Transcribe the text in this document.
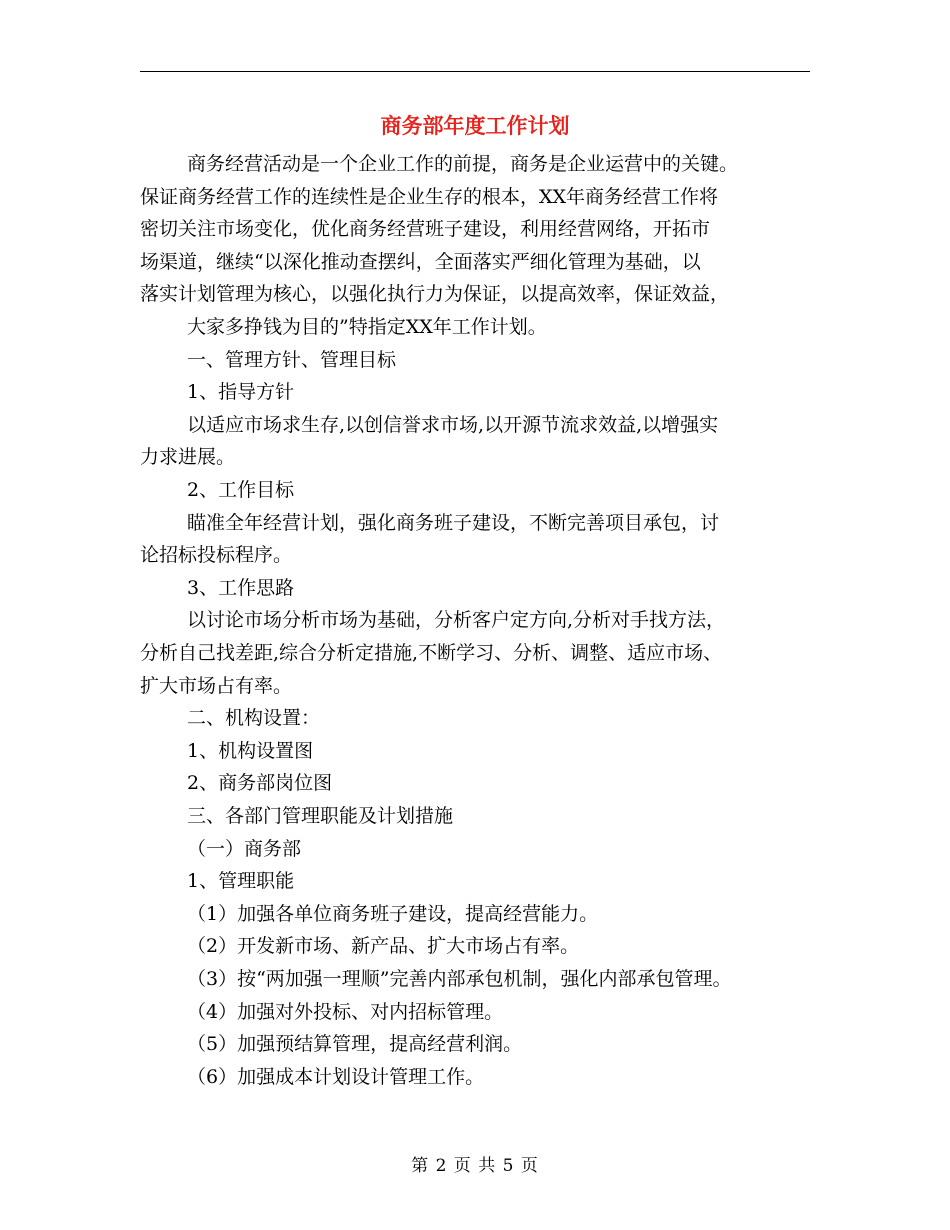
商务部年度工作计划
商务经营活动是一个企业工作的前提，商务是企业运营中的关键。
保证商务经营工作的连续性是企业生存的根本，XX年商务经营工作将
密切关注市场变化，优化商务经营班子建设，利用经营网络，开拓市
场渠道，继续“以深化推动查摆纠，全面落实严细化管理为基础，以
落实计划管理为核心，以强化执行力为保证，以提高效率，保证效益，
大家多挣钱为目的”特指定XX年工作计划。
一、管理方针、管理目标
1、指导方针
以适应市场求生存,以创信誉求市场,以开源节流求效益,以增强实
力求进展。
2、工作目标
瞄准全年经营计划，强化商务班子建设，不断完善项目承包，讨
论招标投标程序。
3、工作思路
以讨论市场分析市场为基础，分析客户定方向,分析对手找方法，
分析自己找差距,综合分析定措施,不断学习、分析、调整、适应市场、
扩大市场占有率。
二、机构设置：
1、机构设置图
2、商务部岗位图
三、各部门管理职能及计划措施
（一）商务部
1、管理职能
（1）加强各单位商务班子建设，提高经营能力。
（2）开发新市场、新产品、扩大市场占有率。
（3）按“两加强一理顺”完善内部承包机制，强化内部承包管理。
（4）加强对外投标、对内招标管理。
（5）加强预结算管理，提高经营利润。
（6）加强成本计划设计管理工作。
第 2 页 共 5 页
